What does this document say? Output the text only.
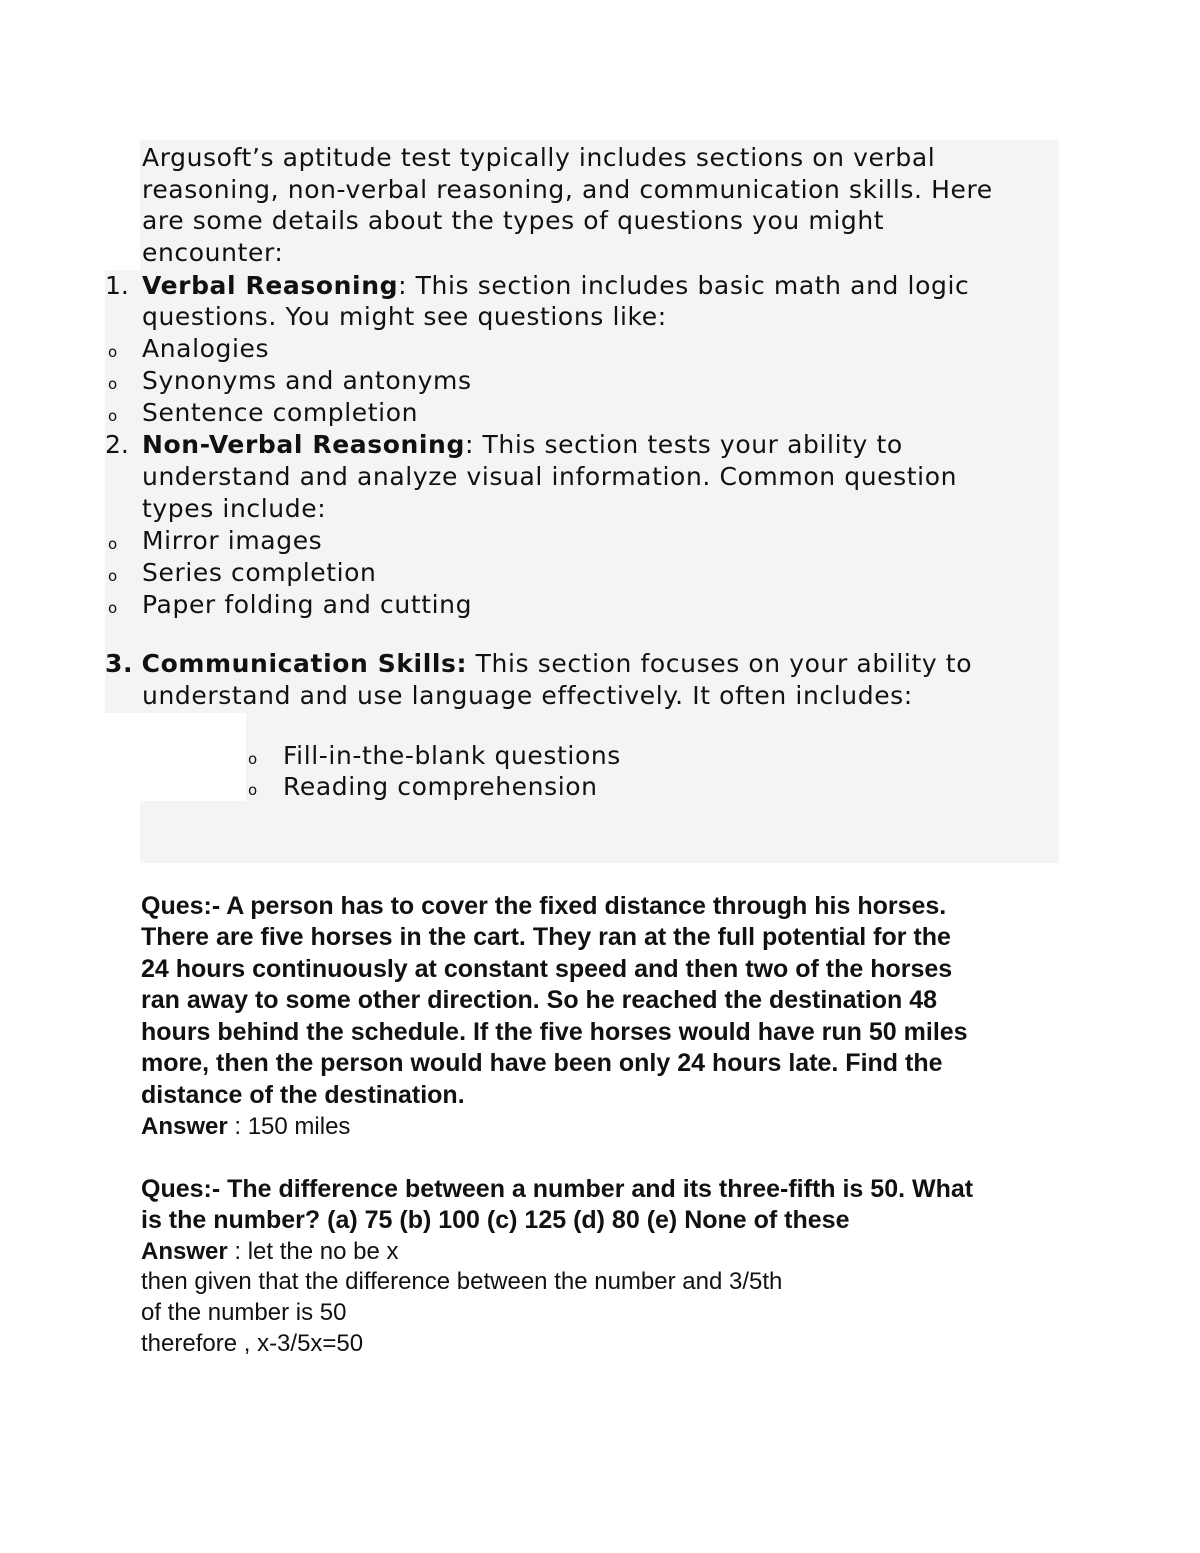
Argusoft’s aptitude test typically includes sections on verbal
reasoning, non-verbal reasoning, and communication skills. Here
are some details about the types of questions you might
encounter:
1. Verbal Reasoning: This section includes basic math and logic
questions. You might see questions like:
o Analogies
o Synonyms and antonyms
o Sentence completion
2. Non-Verbal Reasoning: This section tests your ability to
understand and analyze visual information. Common question
types include:
o Mirror images
o Series completion
o Paper folding and cutting
3. Communication Skills: This section focuses on your ability to
understand and use language effectively. It often includes:
o Fill-in-the-blank questions
o Reading comprehension
Ques:- A person has to cover the fixed distance through his horses.
There are five horses in the cart. They ran at the full potential for the
24 hours continuously at constant speed and then two of the horses
ran away to some other direction. So he reached the destination 48
hours behind the schedule. If the five horses would have run 50 miles
more, then the person would have been only 24 hours late. Find the
distance of the destination.
Answer : 150 miles
Ques:- The difference between a number and its three-fifth is 50. What
is the number? (a) 75 (b) 100 (c) 125 (d) 80 (e) None of these
Answer : let the no be x
then given that the difference between the number and 3/5th
of the number is 50
therefore , x-3/5x=50
